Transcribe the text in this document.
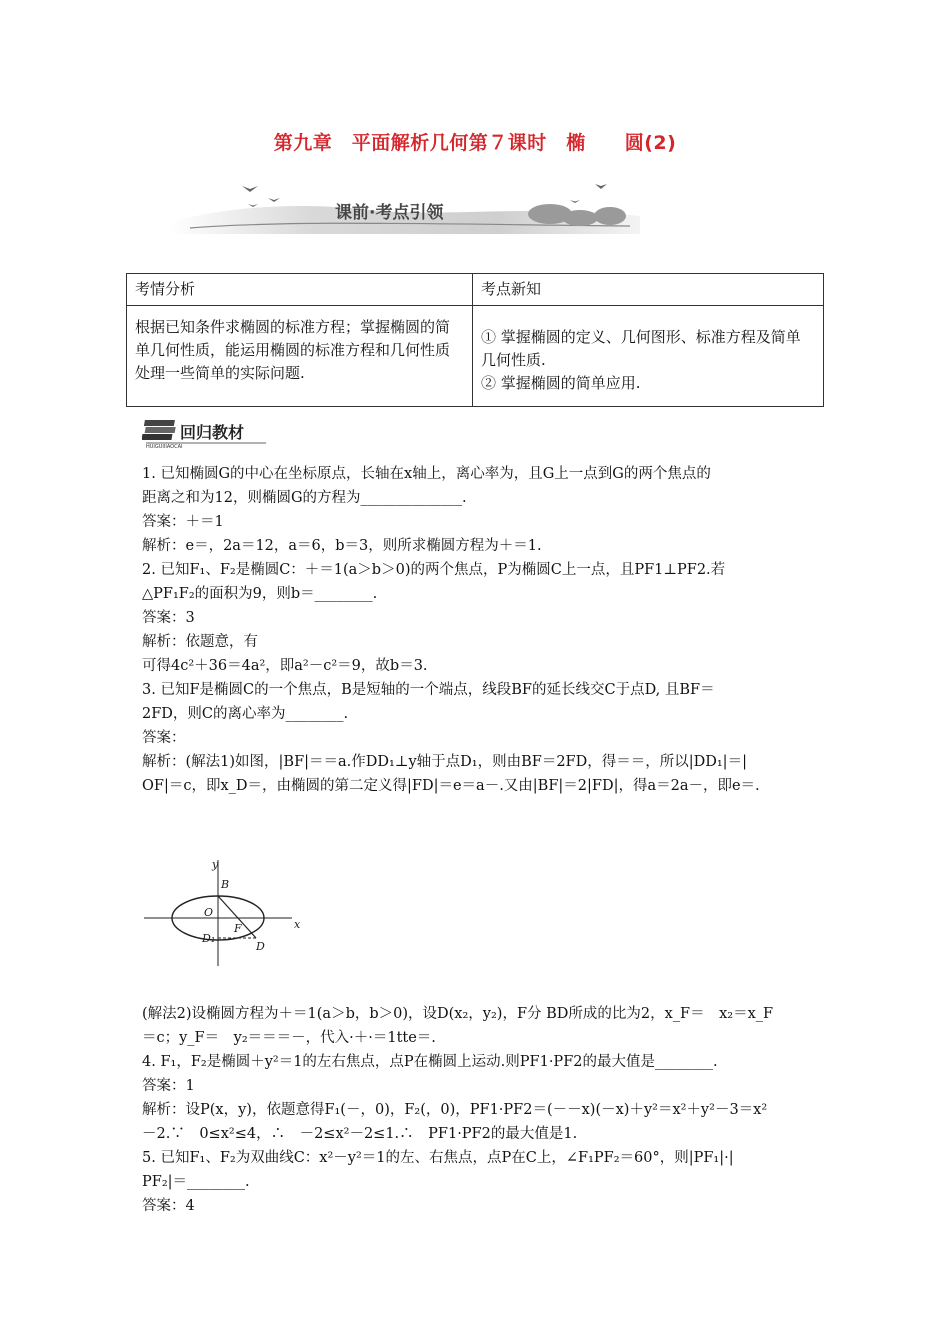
第九章　平面解析几何第７课时　椭　　圆(2)
课前·考点引领
考情分析	考点新知
根据已知条件求椭圆的标准方程；掌握椭圆的简单几何性质，能运用椭圆的标准方程和几何性质处理一些简单的实际问题.	① 掌握椭圆的定义、几何图形、标准方程及简单几何性质.
② 掌握椭圆的简单应用.
回归教材
HUIGUIJIAOCAI

1. 已知椭圆G的中心在坐标原点，长轴在x轴上，离心率为，且G上一点到G的两个焦点的

距离之和为12，则椭圆G的方程为______________.

答案：＋＝1

解析：e＝，2a＝12，a＝6，b＝3，则所求椭圆方程为＋＝1.

2. 已知F₁、F₂是椭圆C：＋＝1(a＞b＞0)的两个焦点，P为椭圆C上一点，且PF1⊥PF2.若

△PF₁F₂的面积为9，则b＝________.

答案：3

解析：依题意，有

可得4c²＋36＝4a²，即a²－c²＝9，故b＝3.

3. 已知F是椭圆C的一个焦点，B是短轴的一个端点，线段BF的延长线交C于点D, 且BF＝

2FD，则C的离心率为________.

答案：

解析：(解法1)如图，|BF|＝＝a.作DD₁⊥y轴于点D₁，则由BF＝2FD，得＝＝，所以|DD₁|＝|

OF|＝c，即x_D＝，由椭圆的第二定义得|FD|＝e＝a－.又由|BF|＝2|FD|，得a＝2a－，即e＝.

y
x
B
O
F
D₁
D

(解法2)设椭圆方程为＋＝1(a＞b，b＞0)，设D(x₂，y₂)，F分 BD所成的比为2，x_F＝　x₂＝x_F

＝c；y_F＝　y₂＝＝＝－，代入·＋·＝1tte＝.

4. F₁，F₂是椭圆＋y²＝1的左右焦点，点P在椭圆上运动.则PF1·PF2的最大值是________.

答案：1

解析：设P(x，y)，依题意得F₁(－，0)，F₂(，0)，PF1·PF2＝(－－x)(－x)＋y²＝x²＋y²－3＝x²

－2.∵　0≤x²≤4，∴　－2≤x²－2≤1.∴　PF1·PF2的最大值是1.

5. 已知F₁、F₂为双曲线C：x²－y²＝1的左、右焦点，点P在C上，∠F₁PF₂＝60°，则|PF₁|·|

PF₂|＝________.

答案：4
